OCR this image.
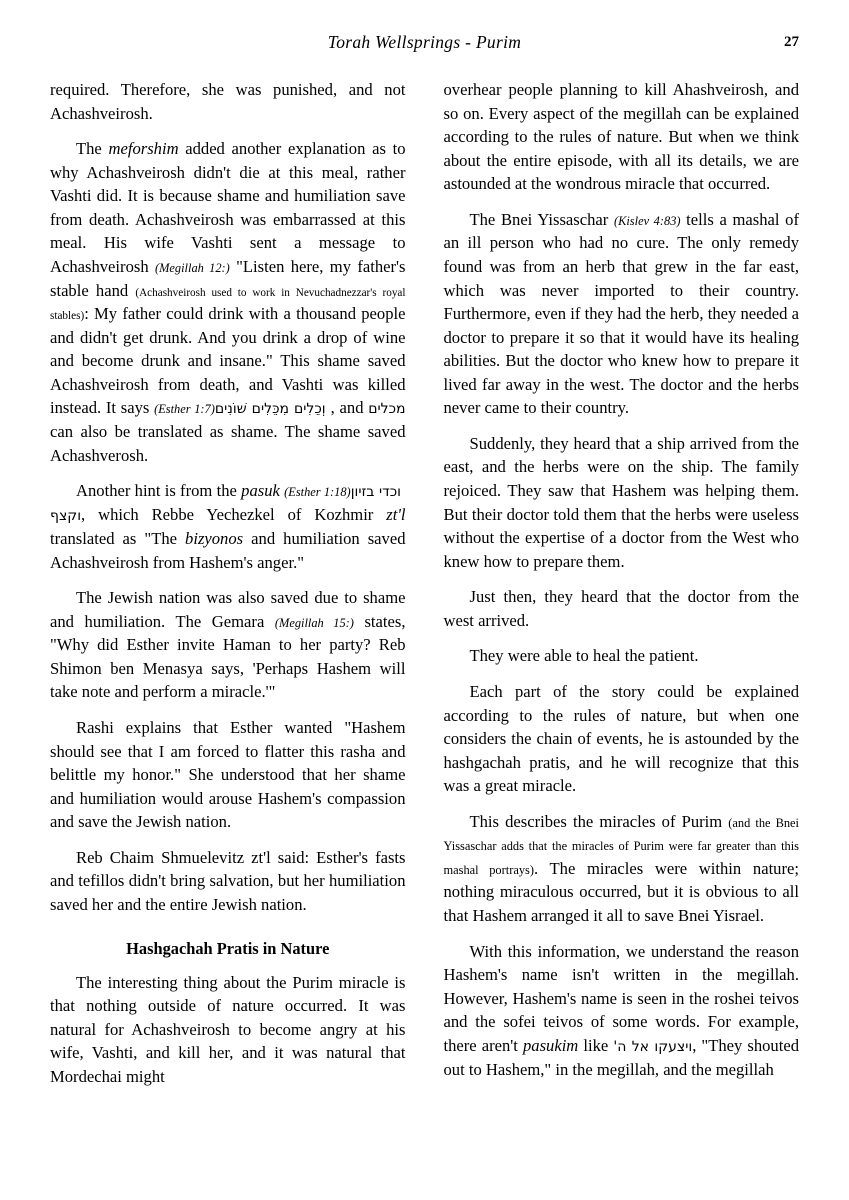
Torah Wellsprings - Purim	27

required. Therefore, she was punished, and not Achashveirosh.

The meforshim added another explanation as to why Achashveirosh didn't die at this meal, rather Vashti did. It is because shame and humiliation save from death. Achashveirosh was embarrassed at this meal. His wife Vashti sent a message to Achashveirosh (Megillah 12:) "Listen here, my father's stable hand (Achashveirosh used to work in Nevuchadnezzar's royal stables): My father could drink with a thousand people and didn't get drunk. And you drink a drop of wine and become drunk and insane." This shame saved Achashveirosh from death, and Vashti was killed instead. It says (Esther 1:7) וְכֵלִים מִכֵּלִים שׁוֹנִים, and מכלים can also be translated as shame. The shame saved Achashverosh.

Another hint is from the pasuk (Esther 1:18) וכדי בזיון וקצף, which Rebbe Yechezkel of Kozhmir zt'l translated as "The bizyonos and humiliation saved Achashveirosh from Hashem's anger."

The Jewish nation was also saved due to shame and humiliation. The Gemara (Megillah 15:) states, "Why did Esther invite Haman to her party? Reb Shimon ben Menasya says, 'Perhaps Hashem will take note and perform a miracle.'"

Rashi explains that Esther wanted "Hashem should see that I am forced to flatter this rasha and belittle my honor." She understood that her shame and humiliation would arouse Hashem's compassion and save the Jewish nation.

Reb Chaim Shmuelevitz zt'l said: Esther's fasts and tefillos didn't bring salvation, but her humiliation saved her and the entire Jewish nation.

Hashgachah Pratis in Nature

The interesting thing about the Purim miracle is that nothing outside of nature occurred. It was natural for Achashveirosh to become angry at his wife, Vashti, and kill her, and it was natural that Mordechai might

overhear people planning to kill Ahashveirosh, and so on. Every aspect of the megillah can be explained according to the rules of nature. But when we think about the entire episode, with all its details, we are astounded at the wondrous miracle that occurred.

The Bnei Yissaschar (Kislev 4:83) tells a mashal of an ill person who had no cure. The only remedy found was from an herb that grew in the far east, which was never imported to their country. Furthermore, even if they had the herb, they needed a doctor to prepare it so that it would have its healing abilities. But the doctor who knew how to prepare it lived far away in the west. The doctor and the herbs never came to their country.

Suddenly, they heard that a ship arrived from the east, and the herbs were on the ship. The family rejoiced. They saw that Hashem was helping them. But their doctor told them that the herbs were useless without the expertise of a doctor from the West who knew how to prepare them.

Just then, they heard that the doctor from the west arrived.

They were able to heal the patient.

Each part of the story could be explained according to the rules of nature, but when one considers the chain of events, he is astounded by the hashgachah pratis, and he will recognize that this was a great miracle.

This describes the miracles of Purim (and the Bnei Yissaschar adds that the miracles of Purim were far greater than this mashal portrays). The miracles were within nature; nothing miraculous occurred, but it is obvious to all that Hashem arranged it all to save Bnei Yisrael.

With this information, we understand the reason Hashem's name isn't written in the megillah. However, Hashem's name is seen in the roshei teivos and the sofei teivos of some words. For example, there aren't pasukim like ויצעקו אל ה', "They shouted out to Hashem," in the megillah, and the megillah
